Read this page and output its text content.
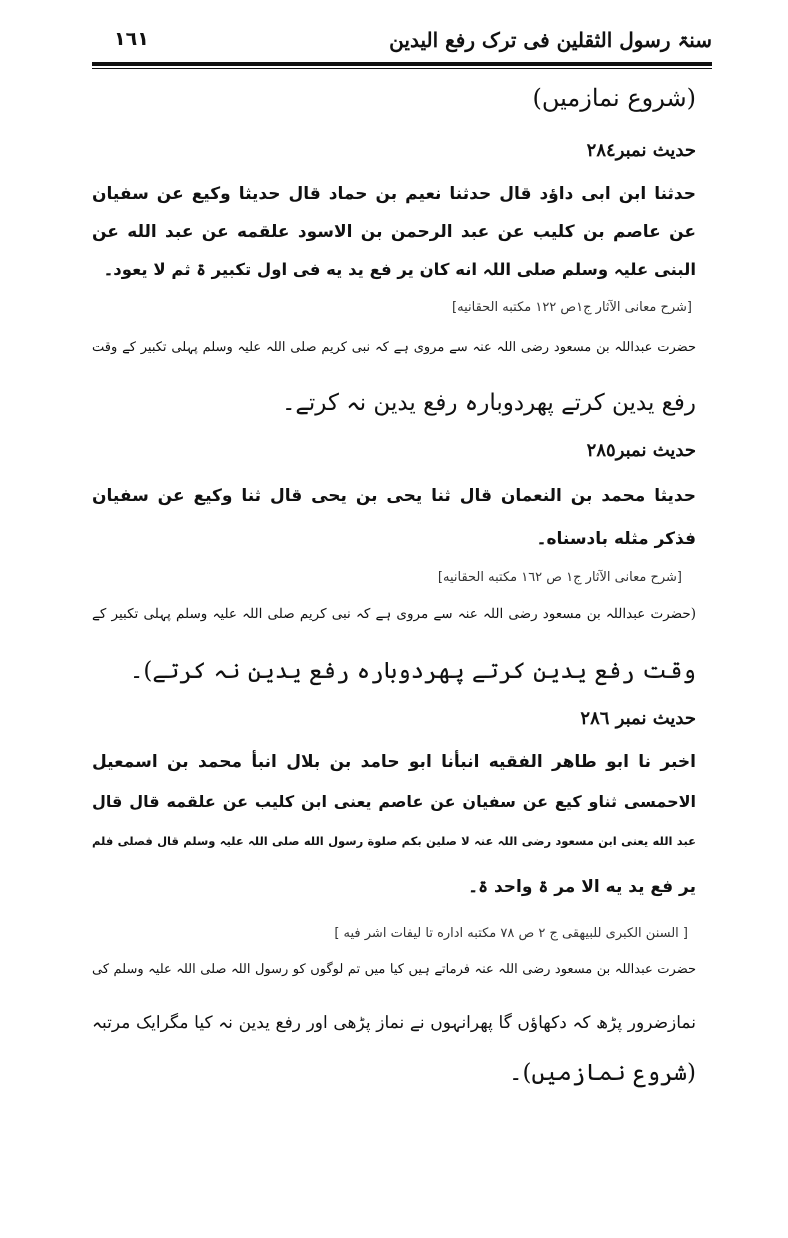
سنۃ رسول الثقلین فی ترک رفع الیدین
١٦١
(شروع نمازمیں)
حدیث نمبر٢٨٤
حدثنا ابن ابی داؤد قال حدثنا نعیم بن حماد قال حدیثا وکیع عن سفیان
عن عاصم بن کلیب عن عبد الرحمن بن الاسود علقمه عن عبد الله عن
البنی علیہ وسلم صلی اللہ انه کان یر فع ید یه فی اول تکبیر ۃ ثم لا یعود۔
[شرح معانی الآثار ج١ص ١٢٢ مکتبه الحقانیه]
حضرت عبداللہ بن مسعود رضی اللہ عنہ سے مروی ہے کہ نبی کریم صلی اللہ علیہ وسلم پہلی تکبیر کے وقت
رفع یدین کرتے پھردوبارہ رفع یدین نہ کرتے۔
حدیث نمبر٢٨٥
حدیثا محمد بن النعمان قال ثنا یحی بن یحی قال ثنا وکیع عن سفیان
فذکر مثله بادسناه۔
[شرح معانی الآثار ج١ ص ١٦٢ مکتبه الحقانیه]
(حضرت عبداللہ بن مسعود رضی اللہ عنہ سے مروی ہے کہ نبی کریم صلی اللہ علیہ وسلم پہلی تکبیر کے
وقت رفع یدین کرتے پھردوبارہ رفع یدین نہ کرتے)۔
حدیث نمبر ٢٨٦
اخبر نا ابو طاهر الفقیه انبأنا ابو حامد بن بلال انبأ محمد بن اسمعیل
الاحمسی ثناو کیع عن سفیان عن عاصم یعنی ابن کلیب عن علقمه قال قال
عبد الله یعنی ابن مسعود رضی اللہ عنہ لا صلین بکم صلوة رسول الله صلی اللہ علیہ وسلم قال فصلی فلم
یر فع ید یه الا مر ۃ واحد ۃ۔
[ السنن الکبری للبیهقی ج ٢ ص ٧٨ مکتبه اداره تا لیفات اشر فیه ]
حضرت عبداللہ بن مسعود رضی اللہ عنہ فرماتے ہیں کیا میں تم لوگوں کو رسول اللہ صلی اللہ علیہ وسلم کی
نمازضرور پڑھ کہ دکھاؤں گا پھرانہوں نے نماز پڑھی اور رفع یدین نہ کیا مگرایک مرتبہ
(شروع نمازمیں)۔
